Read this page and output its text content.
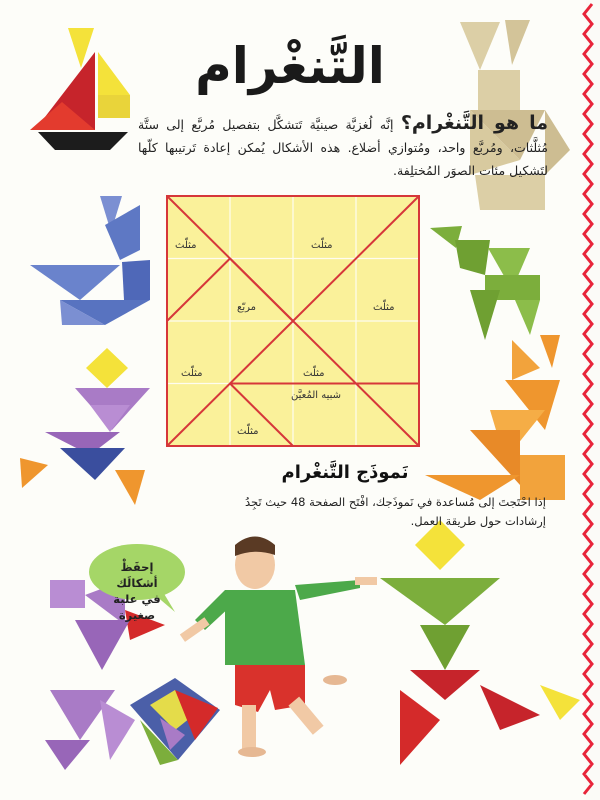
التَّنغْرام
ما هو التَّنغْرام؟ إنَّه لُغزيَّة صينيَّة تَتشكَّل بتفصيل مُربَّع إلى ستَّة مُثلَّثات، ومُربَّع واحد، ومُتوازي أضلاع. هذه الأشكال يُمكن إعادة تَرتيبها كلّها لتَشكيل مئات الصوَر المُختلِفة.
مثلّث	مثلّث
مربّع	مثلّث
مثلّث	مثلّث
شبيه المُعيَّن
مثلّث
نَموذَج التَّنغْرام
إذا احْتَجتَ إلى مُساعدة في نَموذَجك، افْتَح الصفحة 48 حيث تَجِدُ إرشادات حول طريقة العمل.
إحفَظْ أشكالَك
في علبة صغيرة
